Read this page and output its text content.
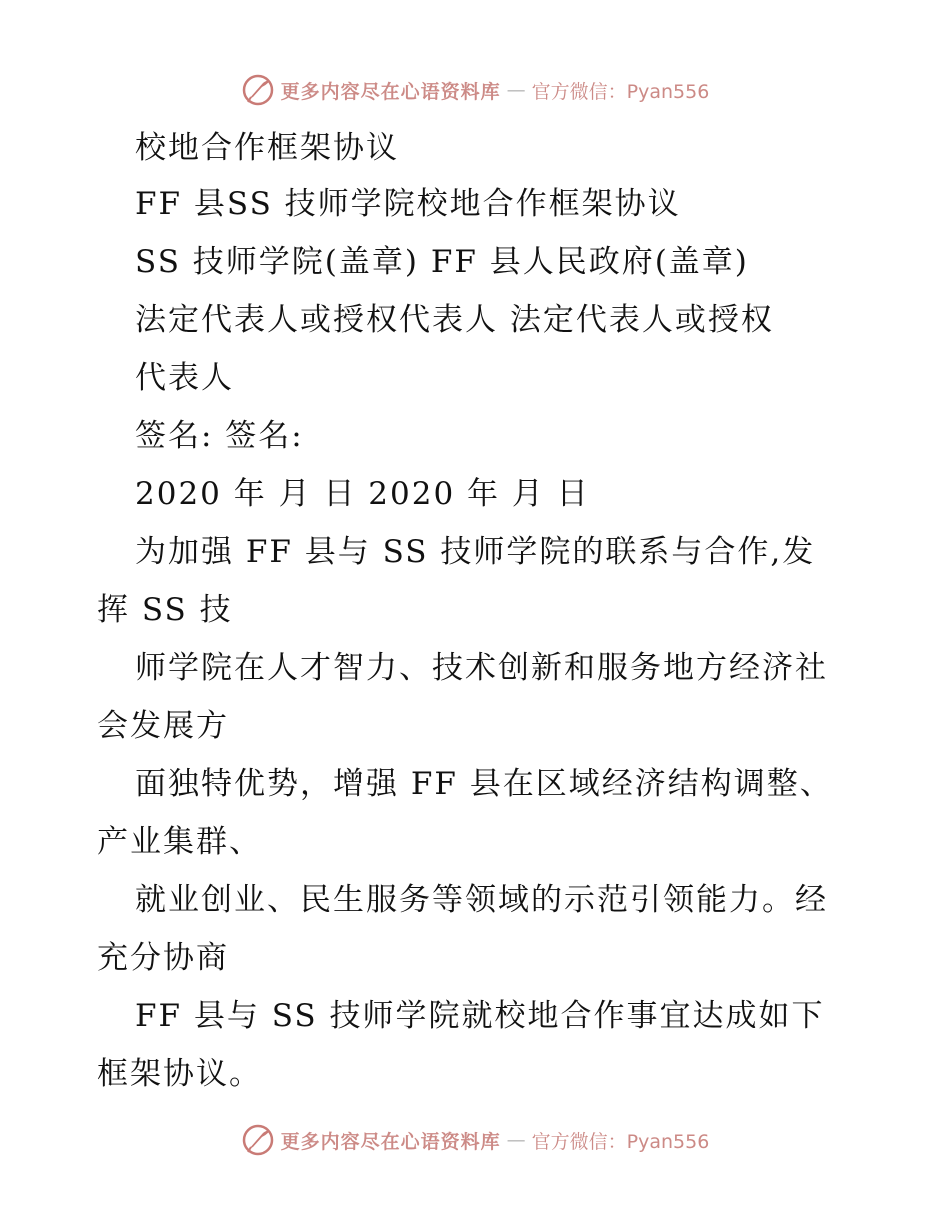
更多内容尽在心语资料库 — 官方微信：Pyan556
校地合作框架协议
FF 县SS 技师学院校地合作框架协议
SS 技师学院(盖章) FF 县人民政府(盖章)
法定代表人或授权代表人 法定代表人或授权
代表人
签名: 签名:
2020 年 月 日 2020 年 月 日
为加强 FF 县与 SS 技师学院的联系与合作,发
挥 SS 技
师学院在人才智力、技术创新和服务地方经济社
会发展方
面独特优势，增强 FF 县在区域经济结构调整、
产业集群、
就业创业、民生服务等领域的示范引领能力。经
充分协商
FF 县与 SS 技师学院就校地合作事宜达成如下
框架协议。
更多内容尽在心语资料库 — 官方微信：Pyan556
